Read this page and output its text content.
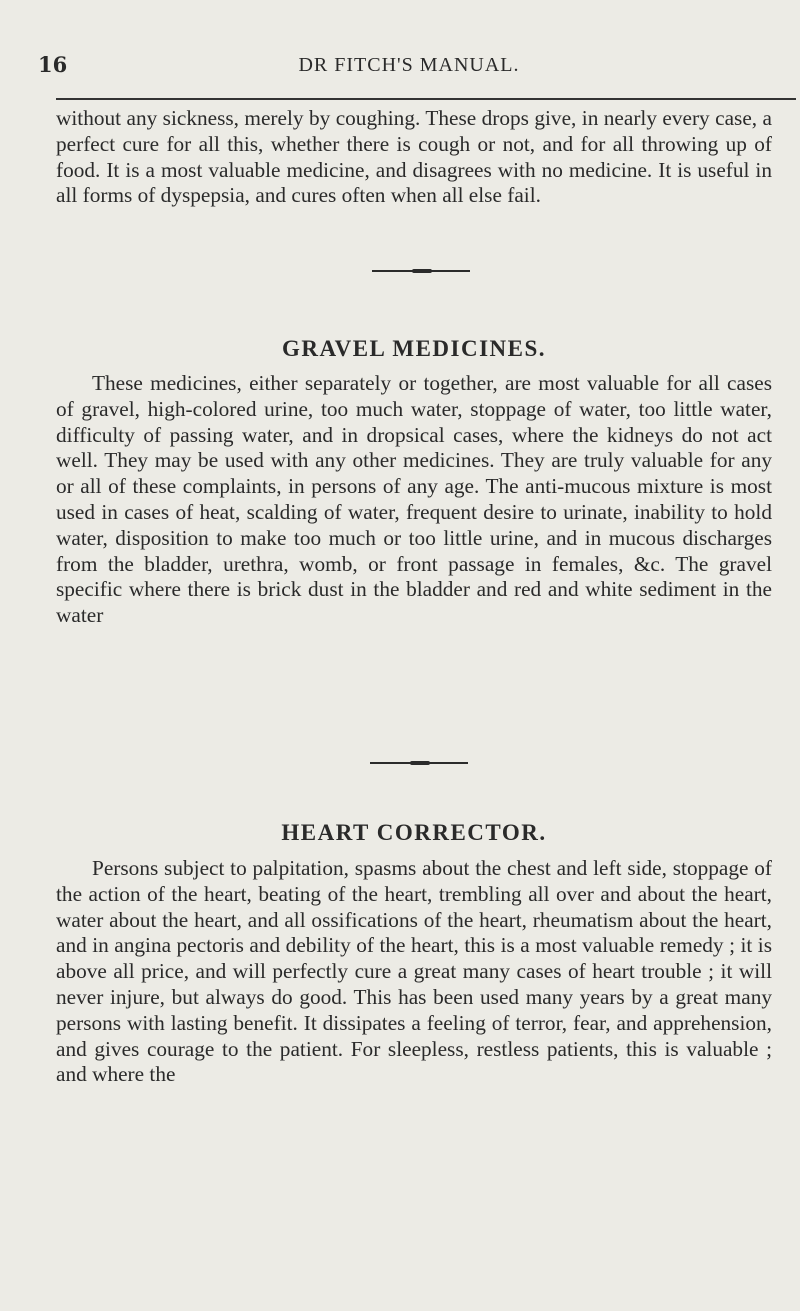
16	DR FITCH'S MANUAL.

without any sickness, merely by coughing. These drops give, in nearly every case, a perfect cure for all this, whether there is cough or not, and for all throwing up of food. It is a most valuable medicine, and disagrees with no medicine. It is useful in all forms of dyspepsia, and cures often when all else fail.

GRAVEL MEDICINES.

These medicines, either separately or together, are most valuable for all cases of gravel, high-colored urine, too much water, stoppage of water, too little water, difficulty of passing water, and in dropsical cases, where the kidneys do not act well. They may be used with any other medicines. They are truly valuable for any or all of these complaints, in persons of any age. The anti-mucous mixture is most used in cases of heat, scalding of water, frequent desire to urinate, inability to hold water, disposition to make too much or too little urine, and in mucous discharges from the bladder, urethra, womb, or front passage in females, &c. The gravel specific where there is brick dust in the bladder and red and white sediment in the water

HEART CORRECTOR.

Persons subject to palpitation, spasms about the chest and left side, stoppage of the action of the heart, beating of the heart, trembling all over and about the heart, water about the heart, and all ossifications of the heart, rheumatism about the heart, and in angina pectoris and debility of the heart, this is a most valuable remedy ; it is above all price, and will perfectly cure a great many cases of heart trouble ; it will never injure, but always do good. This has been used many years by a great many persons with lasting benefit. It dissipates a feeling of terror, fear, and apprehension, and gives courage to the patient. For sleepless, restless patients, this is valuable ; and where the
